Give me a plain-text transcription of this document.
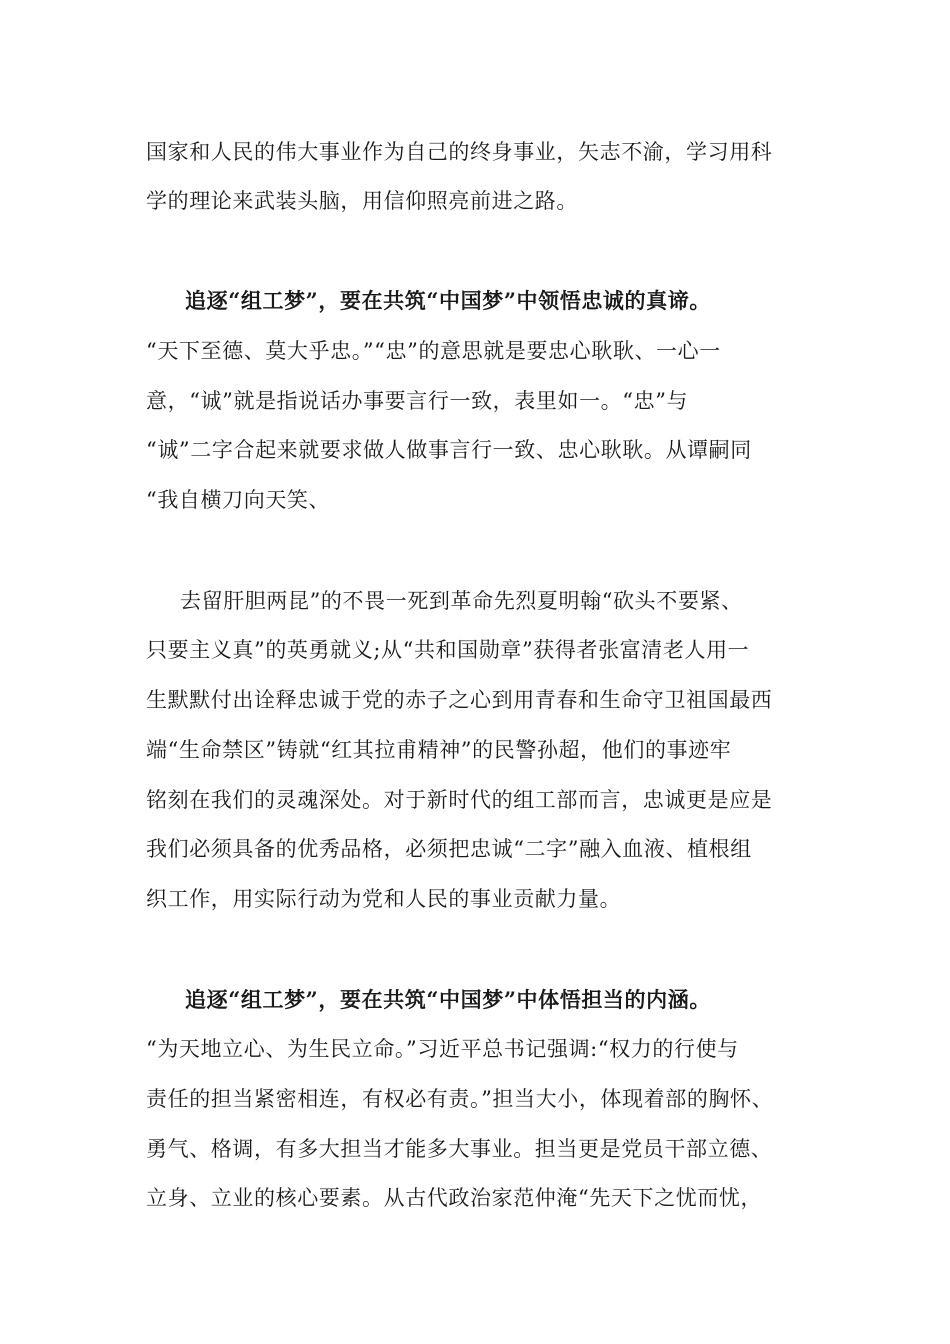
国家和人民的伟大事业作为自己的终身事业，矢志不渝，学习用科
学的理论来武装头脑，用信仰照亮前进之路。
追逐“组工梦”，要在共筑“中国梦”中领悟忠诚的真谛。
“天下至德、莫大乎忠。”“忠”的意思就是要忠心耿耿、一心一
意，“诚”就是指说话办事要言行一致，表里如一。“忠”与
“诚”二字合起来就要求做人做事言行一致、忠心耿耿。从谭嗣同
“我自横刀向天笑、
去留肝胆两昆”的不畏一死到革命先烈夏明翰“砍头不要紧、
只要主义真”的英勇就义;从“共和国勋章”获得者张富清老人用一
生默默付出诠释忠诚于党的赤子之心到用青春和生命守卫祖国最西
端“生命禁区”铸就“红其拉甫精神”的民警孙超，他们的事迹牢
铭刻在我们的灵魂深处。对于新时代的组工部而言，忠诚更是应是
我们必须具备的优秀品格，必须把忠诚“二字”融入血液、植根组
织工作，用实际行动为党和人民的事业贡献力量。
追逐“组工梦”，要在共筑“中国梦”中体悟担当的内涵。
“为天地立心、为生民立命。”习近平总书记强调:“权力的行使与
责任的担当紧密相连，有权必有责。”担当大小，体现着部的胸怀、
勇气、格调，有多大担当才能多大事业。担当更是党员干部立德、
立身、立业的核心要素。从古代政治家范仲淹“先天下之忧而忧，
